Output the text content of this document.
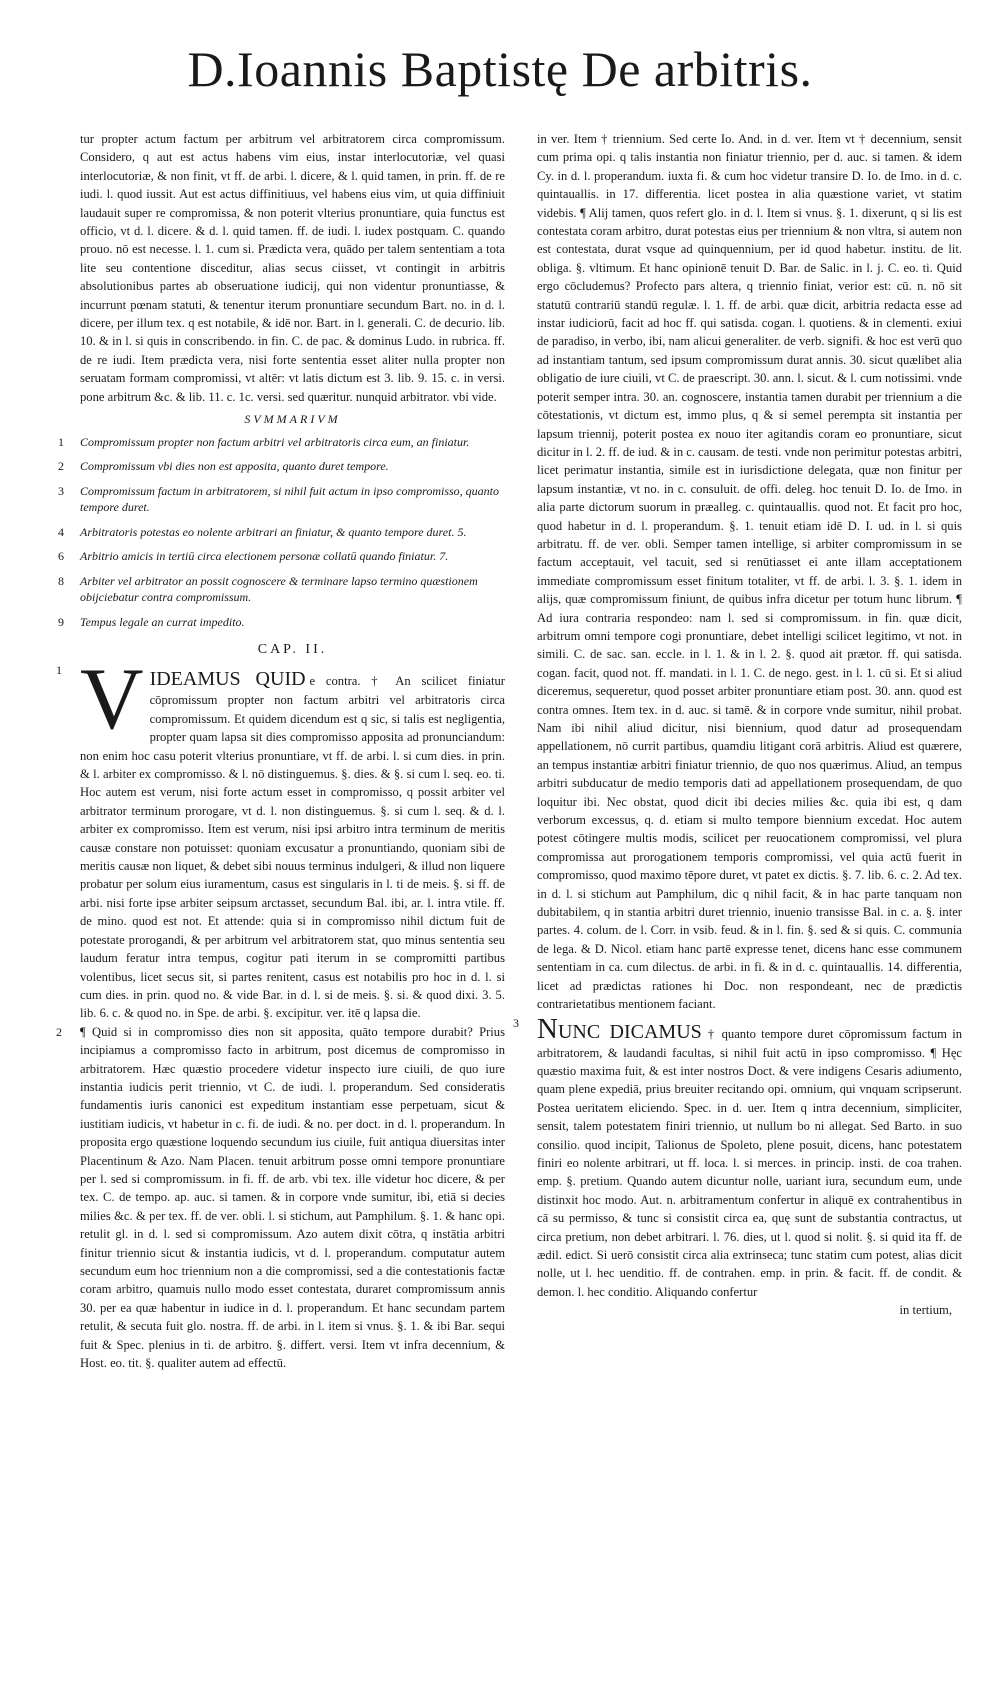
D.Ioannis Baptistę De arbitris.

tur propter actum factum per arbitrum vel arbitratorem circa compromissum. Considero, q aut est actus habens vim eius, instar interlocutoriæ, vel quasi interlocutoriæ, & non finit, vt ff. de arbi. l. dicere, & l. quid tamen, in prin. ff. de re iudi. l. quod iussit. Aut est actus diffinitiuus, vel habens eius vim, ut quia diffiniuit laudauit super re compromissa, & non poterit vlterius pronuntiare, quia functus est officio, vt d. l. dicere. & d. l. quid tamen. ff. de iudi. l. iudex postquam. C. quando prouo. nō est necesse. l. 1. cum si. Prædicta vera, quādo per talem sententiam a tota lite seu contentione disceditur, alias secus ciisset, vt contingit in arbitris absolutionibus partes ab obseruatione iudicij, qui non videntur pronuntiasse, & incurrunt pœnam statuti, & tenentur iterum pronuntiare secundum Bart. no. in d. l. dicere, per illum tex. q est notabile, & idē nor. Bart. in l. generali. C. de decurio. lib. 10. & in l. si quis in conscribendo. in fin. C. de pac. & dominus Ludo. in rubrica. ff. de re iudi. Item prædicta vera, nisi forte sententia esset aliter nulla propter non seruatam formam compromissi, vt altēr: vt latis dictum est 3. lib. 9. 15. c. in versi. pone arbitrum &c. & lib. 11. c. 1c. versi. sed quæritur. nunquid arbitrator. vbi vide.

SVMMARIVM
1 Compromissum propter non factum arbitri vel arbitratoris circa eum, an finiatur.
2 Compromissum vbi dies non est apposita, quanto duret tempore.
3 Compromissum factum in arbitratorem, si nihil fuit actum in ipso compromisso, quanto tempore duret.
4 Arbitratoris potestas eo nolente arbitrari an finiatur, & quanto tempore duret. 5.
6 Arbitrio amicis in tertiū circa electionem personæ collatū quando finiatur. 7.
8 Arbiter vel arbitrator an possit cognoscere & terminare lapso termino quæstionem obijciebatur contra compromissum.
9 Tempus legale an currat impedito.
CAP. II.
1 V ideamus quid e contra. † An scilicet finiatur cōpromissum propter non factum arbitri vel arbitratoris circa compromissum. Et quidem dicendum est q sic, si talis est negligentia, propter quam lapsa sit dies compromisso apposita ad pronunciandum: non enim hoc casu poterit vlterius pronuntiare, vt ff. de arbi. l. si cum dies. in prin. & l. arbiter ex compromisso. & l. nō distinguemus. §. dies. & §. si cum l. seq. eo. ti. Hoc autem est verum, nisi forte actum esset in compromisso, q possit arbiter vel arbitrator terminum prorogare, vt d. l. non distinguemus. §. si cum l. seq. & d. l. arbiter ex compromisso. Item est verum, nisi ipsi arbitro intra terminum de meritis causæ constare non potuisset: quoniam excusatur a pronuntiando, quoniam sibi de meritis causæ non liquet, & debet sibi nouus terminus indulgeri, & illud non liquere probatur per solum eius iuramentum, casus est singularis in l. ti de meis. §. si ff. de arbi. nisi forte ipse arbiter seipsum arctasset, secundum Bal. ibi, ar. l. intra vtile. ff. de mino. quod est not. Et attende: quia si in compromisso nihil dictum fuit de potestate prorogandi, & per arbitrum vel arbitratorem stat, quo minus sententia seu laudum feratur intra tempus, cogitur pati iterum in se compromitti partibus volentibus, licet secus sit, si partes renitent, casus est notabilis pro hoc in d. l. si cum dies. in prin. quod no. & vide Bar. in d. l. si de meis. §. si. & quod dixi. 3. 5. lib. 6. c. & quod no. in Spe. de arbi. §. excipitur. ver. itē q lapsa die.
2 ¶ Quid si in compromisso dies non sit apposita, quāto tempore durabit? Prius incipiamus a compromisso facto in arbitrum, post dicemus de compromisso in arbitratorem. Hæc quæstio procedere videtur inspecto iure ciuili, de quo iure instantia iudicis perit triennio, vt C. de iudi. l. properandum. Sed consideratis fundamentis iuris canonici est expeditum instantiam esse perpetuam, sicut & iustitiam iudicis, vt habetur in c. fi. de iudi. & no. per doct. in d. l. properandum. In proposita ergo quæstione loquendo secundum ius ciuile, fuit antiqua diuersitas inter Placentinum & Azo. Nam Placen. tenuit arbitrum posse omni tempore pronuntiare per l. sed si compromissum. in fi. ff. de arb. vbi tex. ille videtur hoc dicere, & per tex. C. de tempo. ap. auc. si tamen. & in corpore vnde sumitur, ibi, etiā si decies milies &c. & per tex. ff. de ver. obli. l. si stichum, aut Pamphilum. §. 1. & hanc opi. retulit gl. in d. l. sed si compromissum. Azo autem dixit cōtra, q instātia arbitri finitur triennio sicut & instantia iudicis, vt d. l. properandum. computatur autem secundum eum hoc triennium non a die compromissi, sed a die contestationis factæ coram arbitro, quamuis nullo modo esset contestata, duraret compromissum annis 30. per ea quæ habentur in iudice in d. l. properandum. Et hanc secundam partem retulit, & secuta fuit glo. nostra. ff. de arbi. in l. item si vnus. §. 1. & ibi Bar. sequi fuit & Spec. plenius in ti. de arbitro. §. differt. versi. Item vt infra decennium, & Host. eo. tit. §. qualiter autem ad effectū.

in ver. Item † triennium. Sed certe Io. And. in d. ver. Item vt † decennium, sensit cum prima opi. q talis instantia non finiatur triennio, per d. auc. si tamen. & idem Cy. in d. l. properandum. iuxta fi. & cum hoc videtur transire D. Io. de Imo. in d. c. quintauallis. in 17. differentia. licet postea in alia quæstione variet, vt statim videbis. ¶ Alij tamen, quos refert glo. in d. l. Item si vnus. §. 1. dixerunt, q si lis est contestata coram arbitro, durat potestas eius per triennium & non vltra, si autem non est contestata, durat vsque ad quinquennium, per id quod habetur. institu. de lit. obliga. §. vltimum. Et hanc opinionē tenuit D. Bar. de Salic. in l. j. C. eo. ti. Quid ergo cōcludemus? Profecto pars altera, q triennio finiat, verior est: cū. n. nō sit statutū contrariū standū regulæ. l. 1. ff. de arbi. quæ dicit, arbitria redacta esse ad instar iudiciorū, facit ad hoc ff. qui satisda. cogan. l. quotiens. & in clementi. exiui de paradiso, in verbo, ibi, nam alicui generaliter. de verb. signifi. & hoc est verū quo ad instantiam tantum, sed ipsum compromissum durat annis. 30. sicut quælibet alia obligatio de iure ciuili, vt C. de praescript. 30. ann. l. sicut. & l. cum notissimi. vnde poterit semper intra. 30. an. cognoscere, instantia tamen durabit per triennium a die cōtestationis, vt dictum est, immo plus, q & si semel perempta sit instantia per lapsum triennij, poterit postea ex nouo iter agitandis coram eo pronuntiare, sicut dicitur in l. 2. ff. de iud. & in c. causam. de testi. vnde non perimitur potestas arbitri, licet perimatur instantia, simile est in iurisdictione delegata, quæ non finitur per lapsum instantiæ, vt no. in c. consuluit. de offi. deleg. hoc tenuit D. Io. de Imo. in alia parte dictorum suorum in præalleg. c. quintauallis. quod not. Et facit pro hoc, quod habetur in d. l. properandum. §. 1. tenuit etiam idē D. I. ud. in l. si quis arbitratu. ff. de ver. obli. Semper tamen intellige, si arbiter compromissum in se factum acceptauit, vel tacuit, sed si renūtiasset ei ante illam acceptationem immediate compromissum esset finitum totaliter, vt ff. de arbi. l. 3. §. 1. idem in alijs, quæ compromissum finiunt, de quibus infra dicetur per totum hunc librum. ¶ Ad iura contraria respondeo: nam l. sed si compromissum. in fin. quæ dicit, arbitrum omni tempore cogi pronuntiare, debet intelligi scilicet legitimo, vt not. in simili. C. de sac. san. eccle. in l. 1. & in l. 2. §. quod ait prætor. ff. qui satisda. cogan. facit, quod not. ff. mandati. in l. 1. C. de nego. gest. in l. 1. cū si. Et si aliud diceremus, sequeretur, quod posset arbiter pronuntiare etiam post. 30. ann. quod est contra omnes. Item tex. in d. auc. si tamē. & in corpore vnde sumitur, nihil probat. Nam ibi nihil aliud dicitur, nisi biennium, quod datur ad prosequendam appellationem, nō currit partibus, quamdiu litigant corā arbitris. Aliud est quærere, an tempus instantiæ arbitri finiatur triennio, de quo nos quærimus. Aliud, an tempus arbitri subducatur de medio temporis dati ad appellationem prosequendam, de quo loquitur ibi. Nec obstat, quod dicit ibi decies milies &c. quia ibi est, q dam verborum excessus, q. d. etiam si multo tempore biennium excedat. Hoc autem potest cōtingere multis modis, scilicet per reuocationem compromissi, vel plura compromissa aut prorogationem temporis compromissi, vel quia actū fuerit in compromisso, quod maximo tēpore duret, vt patet ex dictis. §. 7. lib. 6. c. 2. Ad tex. in d. l. si stichum aut Pamphilum, dic q nihil facit, & in hac parte tanquam non dubitabilem, q in stantia arbitri duret triennio, inuenio transisse Bal. in c. a. §. inter partes. 4. colum. de l. Corr. in vsib. feud. & in l. fin. §. sed & si quis. C. communia de lega. & D. Nicol. etiam hanc partē expresse tenet, dicens hanc esse communem sententiam in ca. cum dilectus. de arbi. in fi. & in d. c. quintauallis. 14. differentia, licet ad prædictas rationes hi Doc. non respondeant, nec de prædictis contrarietatibus mentionem faciant.

3 Nunc dicamus † quanto tempore duret cōpromissum factum in arbitratorem, & laudandi facultas, si nihil fuit actū in ipso compromisso. ¶ Hęc quæstio maxima fuit, & est inter nostros Doct. & vere indigens Cesaris adiumento, quam plene expediā, prius breuiter recitando opi. omnium, qui vnquam scripserunt. Postea ueritatem eliciendo. Spec. in d. uer. Item q intra decennium, simpliciter, sensit, talem potestatem finiri triennio, ut nullum bo ni allegat. Sed Barto. in suo consilio. quod incipit, Talionus de Spoleto, plene posuit, dicens, hanc potestatem finiri eo nolente arbitrari, ut ff. loca. l. si merces. in princip. insti. de coa trahen. emp. §. pretium. Quando autem dicuntur nolle, uariant iura, secundum eum, unde distinxit hoc modo. Aut. n. arbitramentum confertur in aliquē ex contrahentibus in cā su permisso, & tunc si consistit circa ea, quę sunt de substantia contractus, ut circa pretium, non debet arbitrari. l. 76. dies, ut l. quod si nolit. §. si quid ita ff. de ædil. edict. Si uerō consistit circa alia extrinseca; tunc statim cum potest, alias dicit nolle, ut l. hec uenditio. ff. de contrahen. emp. in prin. & facit. ff. de condit. & demon. l. hec conditio. Aliquando confertur
in tertium,
